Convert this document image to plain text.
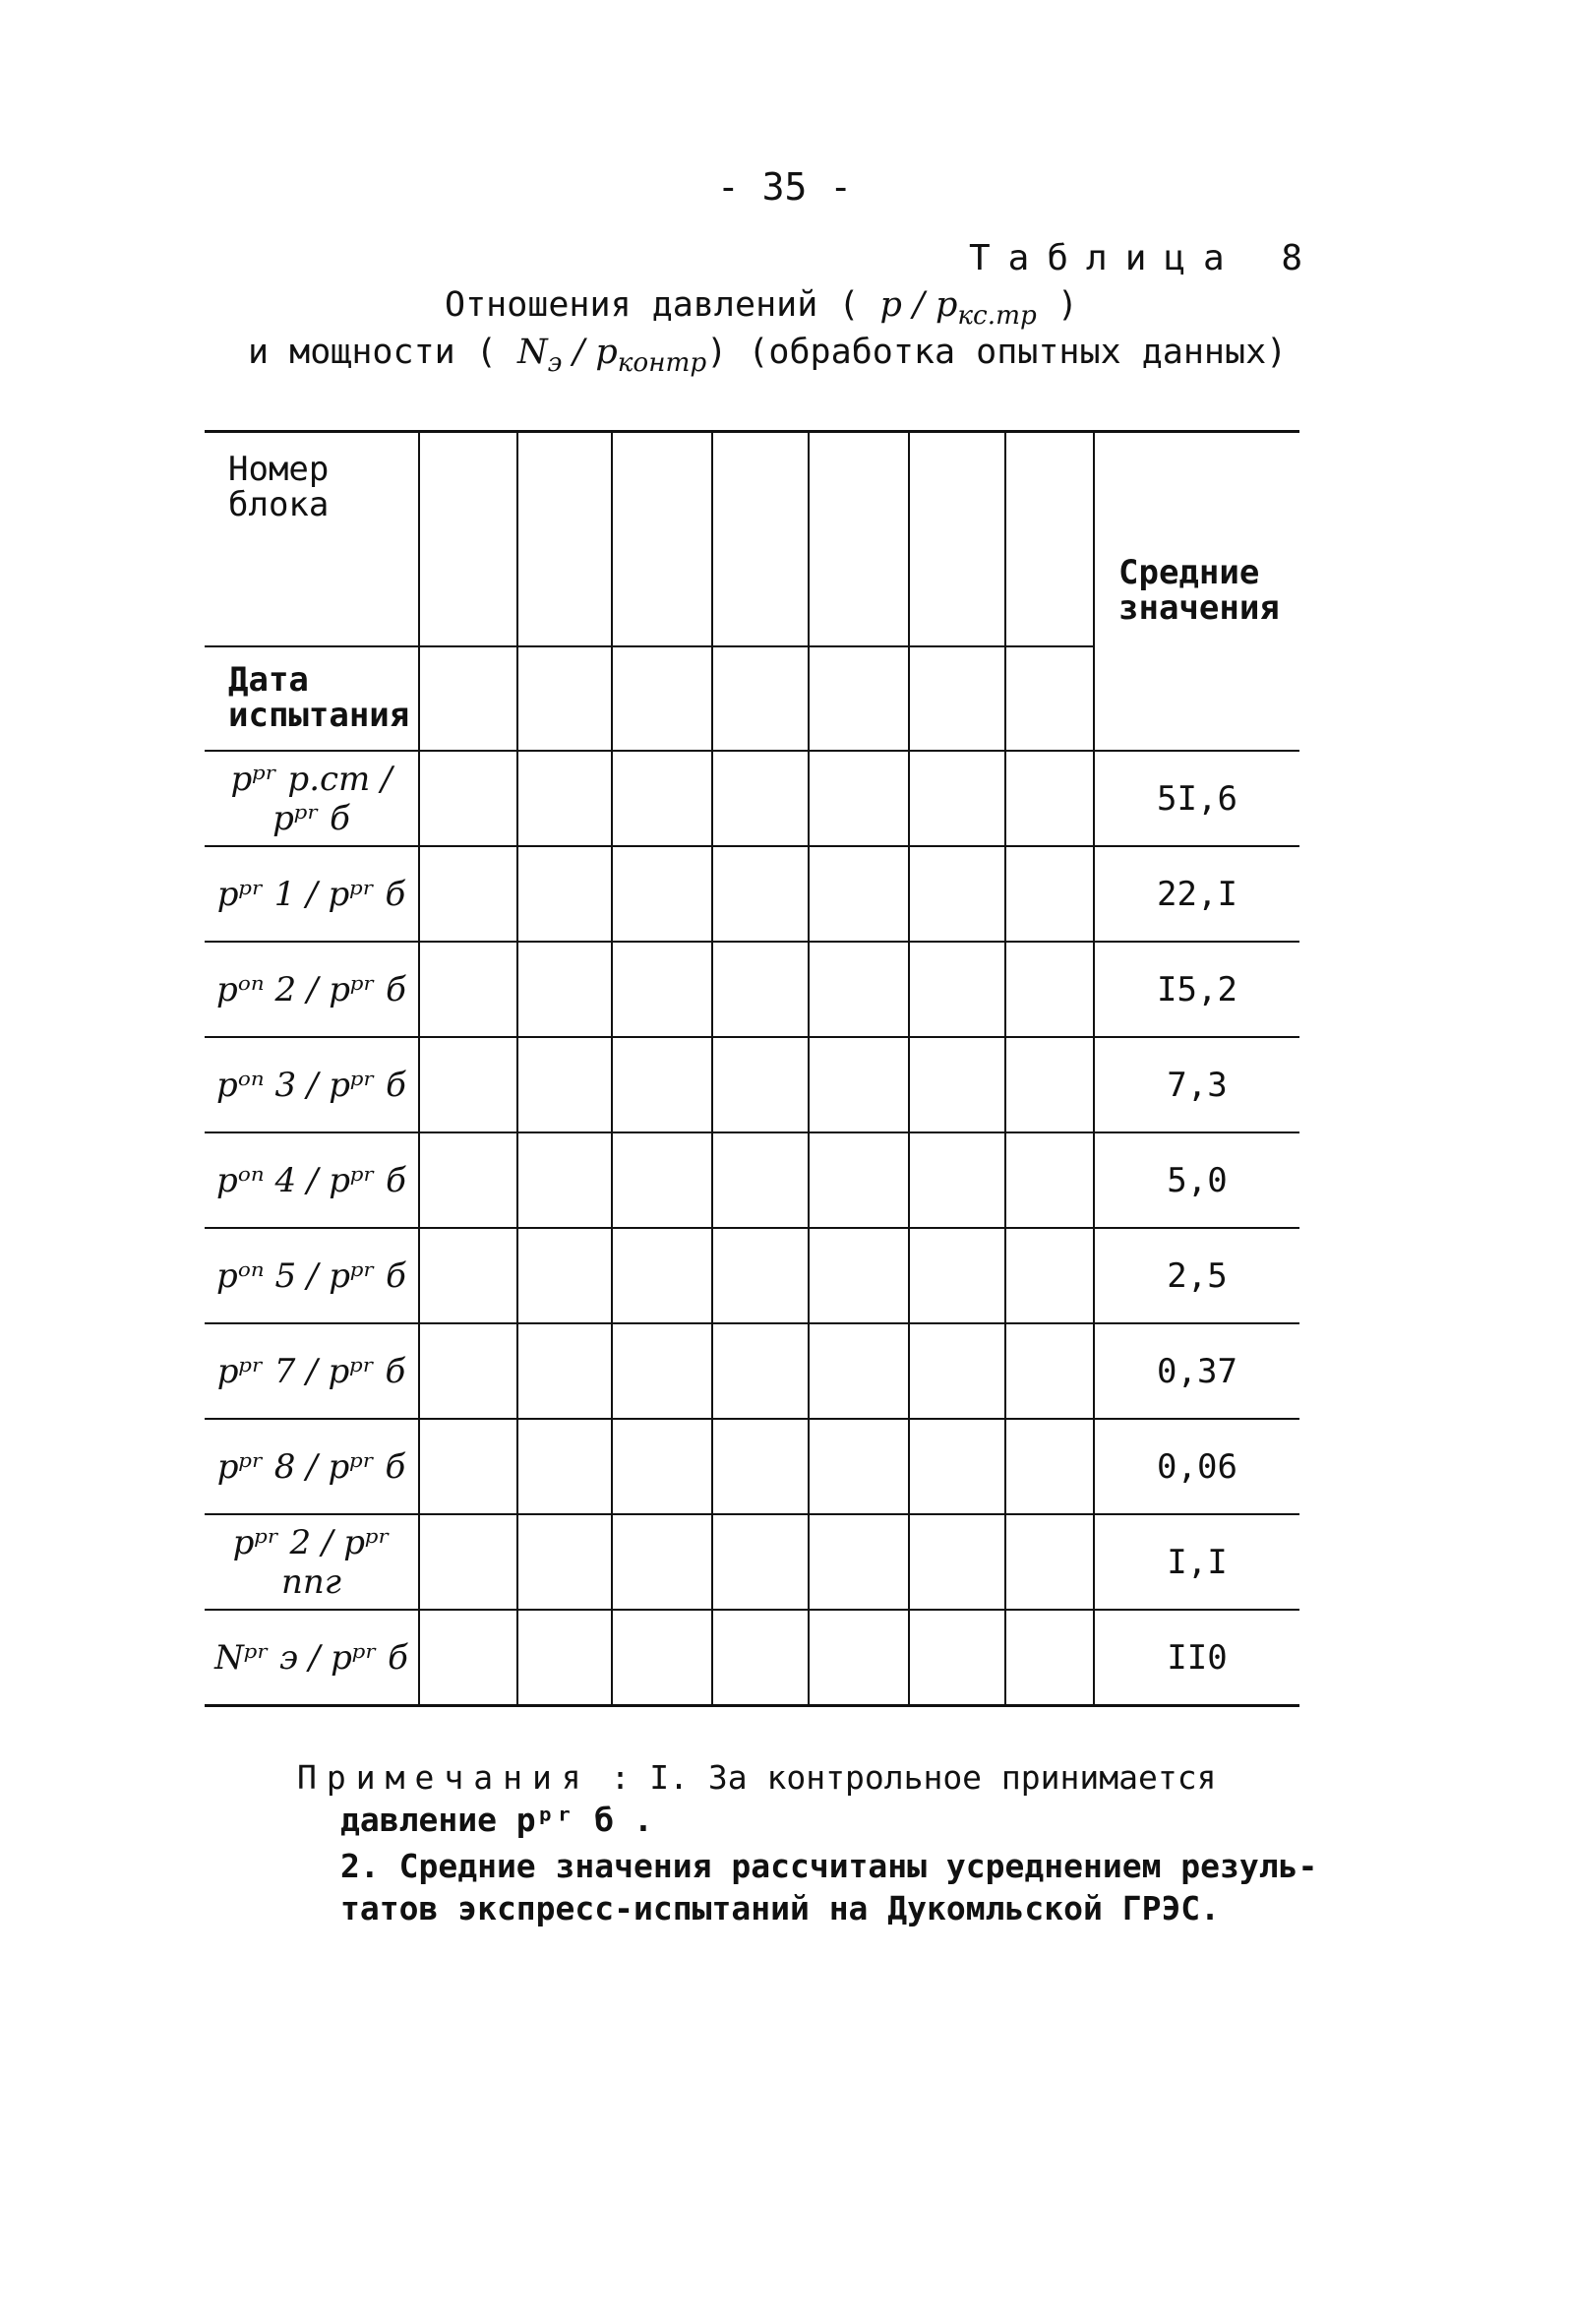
- 35 -
Таблица 8
Отношения давлений ( p / $p_{кс.тр}$ )
и мощности ( $N_э / p_{контр}$) (обработка опытных данных)
Номер блока								Средние значения
Дата испытания								
pᵖʳ р.ст / pᵖʳ б								5I,6
pᵖʳ 1 / pᵖʳ б								22,I
pᵒⁿ 2 / pᵖʳ б								I5,2
pᵒⁿ 3 / pᵖʳ б								7,3
pᵒⁿ 4 / pᵖʳ б								5,0
pᵒⁿ 5 / pᵖʳ б								2,5
pᵖʳ 7 / pᵖʳ б								0,37
pᵖʳ 8 / pᵖʳ б								0,06
pᵖʳ 2 / pᵖʳ ппг								I,I
Nᵖʳ э / pᵖʳ б								II0
Примечания : I. За контрольное принимается
давление pᵖʳ б .
2. Средние значения рассчитаны усреднением резуль-
татов экспресс-испытаний на Дукомльской ГРЭС.
